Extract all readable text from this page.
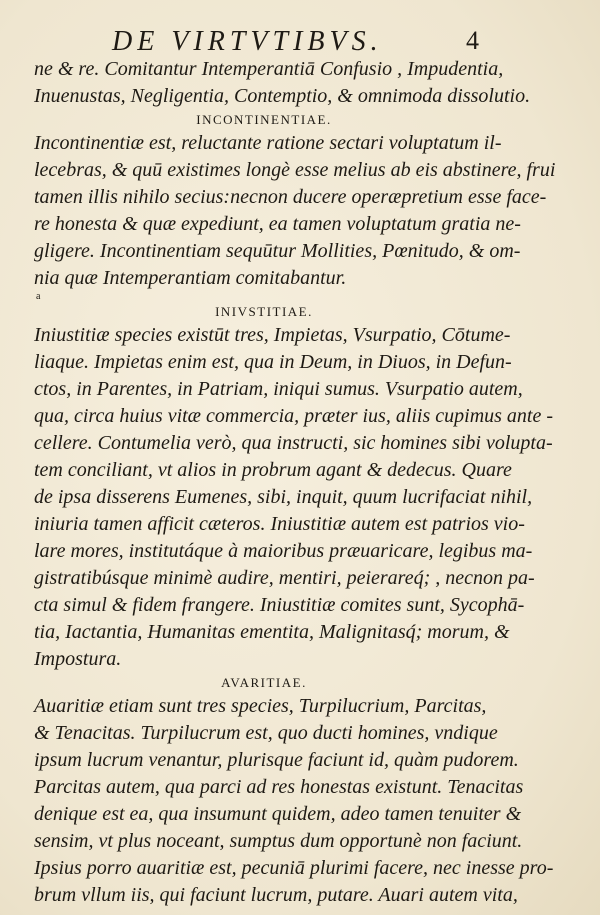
DE VIRTVTIBVS.	4
ne & re. Comitantur Intemperantiā Confusio , Impudentia,
Inuenustas, Negligentia, Contemptio, & omnimoda dissolutio.
INCONTINENTIAE.
Incontinentiæ est, reluctante ratione sectari voluptatum il-
lecebras, & quū existimes longè esse melius ab eis abstinere, frui
tamen illis nihilo secius:necnon ducere operæpretium esse face-
re honesta & quæ expediunt, ea tamen voluptatum gratia ne-
gligere. Incontinentiam sequūtur Mollities, Pœnitudo, & om-
nia quæ Intemperantiam comitabantur.
a
INIVSTITIAE.
Iniustitiæ species existūt tres, Impietas, Vsurpatio, Cōtume-
liaque. Impietas enim est, qua in Deum, in Diuos, in Defun-
ctos, in Parentes, in Patriam, iniqui sumus. Vsurpatio autem,
qua, circa huius vitæ commercia, præter ius, aliis cupimus ante -
cellere. Contumelia verò, qua instructi, sic homines sibi volupta-
tem conciliant, vt alios in probrum agant & dedecus. Quare
de ipsa disserens Eumenes, sibi, inquit, quum lucrifaciat nihil,
iniuria tamen afficit cæteros. Iniustitiæ autem est patrios vio-
lare mores, institutáque à maioribus præuaricare, legibus ma-
gistratibúsque minimè audire, mentiri, peierareq́; , necnon pa-
cta simul & fidem frangere. Iniustitiæ comites sunt, Sycophā-
tia, Iactantia, Humanitas ementita, Malignitasq́; morum, &
Impostura.
AVARITIAE.
Auaritiæ etiam sunt tres species, Turpilucrium, Parcitas,
& Tenacitas. Turpilucrum est, quo ducti homines, vndique
ipsum lucrum venantur, plurisque faciunt id, quàm pudorem.
Parcitas autem, qua parci ad res honestas existunt. Tenacitas
denique est ea, qua insumunt quidem, adeo tamen tenuiter &
sensim, vt plus noceant, sumptus dum opportunè non faciunt.
Ipsius porro auaritiæ est, pecuniā plurimi facere, nec inesse pro-
brum vllum iis, qui faciunt lucrum, putare. Auari autem vita,
